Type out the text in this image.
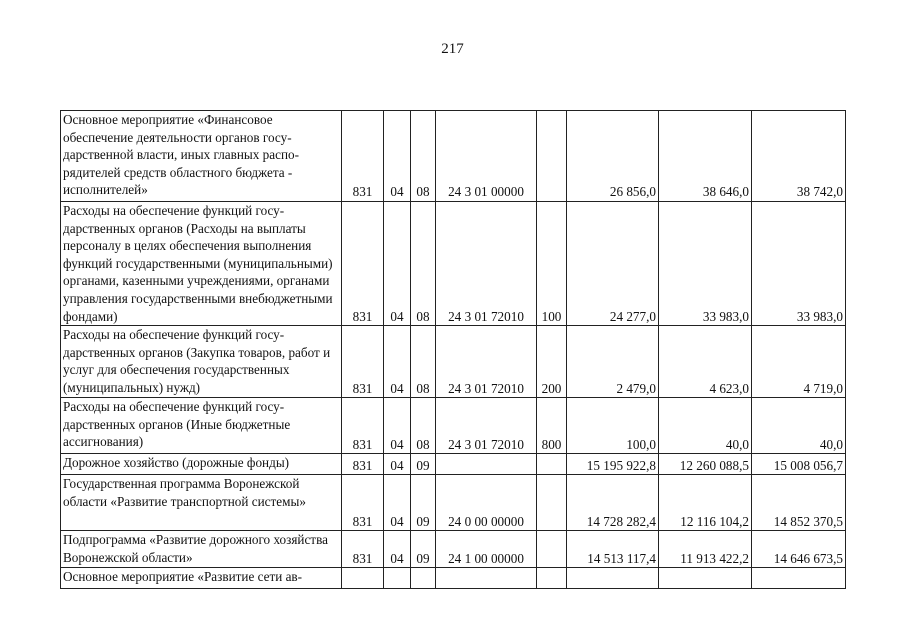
217
Основное мероприятие «Финансовое обеспечение деятельности органов государственной власти, иных главных распорядителей средств областного бюджета - исполнителей»	831	04	08	24 3 01 00000		26 856,0	38 646,0	38 742,0
Расходы на обеспечение функций государственных органов (Расходы на выплаты персоналу в целях обеспечения выполнения функций государственными (муниципальными) органами, казенными учреждениями, органами управления государственными внебюджетными фондами)	831	04	08	24 3 01 72010	100	24 277,0	33 983,0	33 983,0
Расходы на обеспечение функций государственных органов (Закупка товаров, работ и услуг для обеспечения государственных (муниципальных) нужд)	831	04	08	24 3 01 72010	200	2 479,0	4 623,0	4 719,0
Расходы на обеспечение функций государственных органов (Иные бюджетные ассигнования)	831	04	08	24 3 01 72010	800	100,0	40,0	40,0
Дорожное хозяйство (дорожные фонды)	831	04	09			15 195 922,8	12 260 088,5	15 008 056,7
Государственная программа Воронежской области «Развитие транспортной системы»	831	04	09	24 0 00 00000		14 728 282,4	12 116 104,2	14 852 370,5
Подпрограмма «Развитие дорожного хозяйства Воронежской области»	831	04	09	24 1 00 00000		14 513 117,4	11 913 422,2	14 646 673,5
Основное мероприятие «Развитие сети ав-								
